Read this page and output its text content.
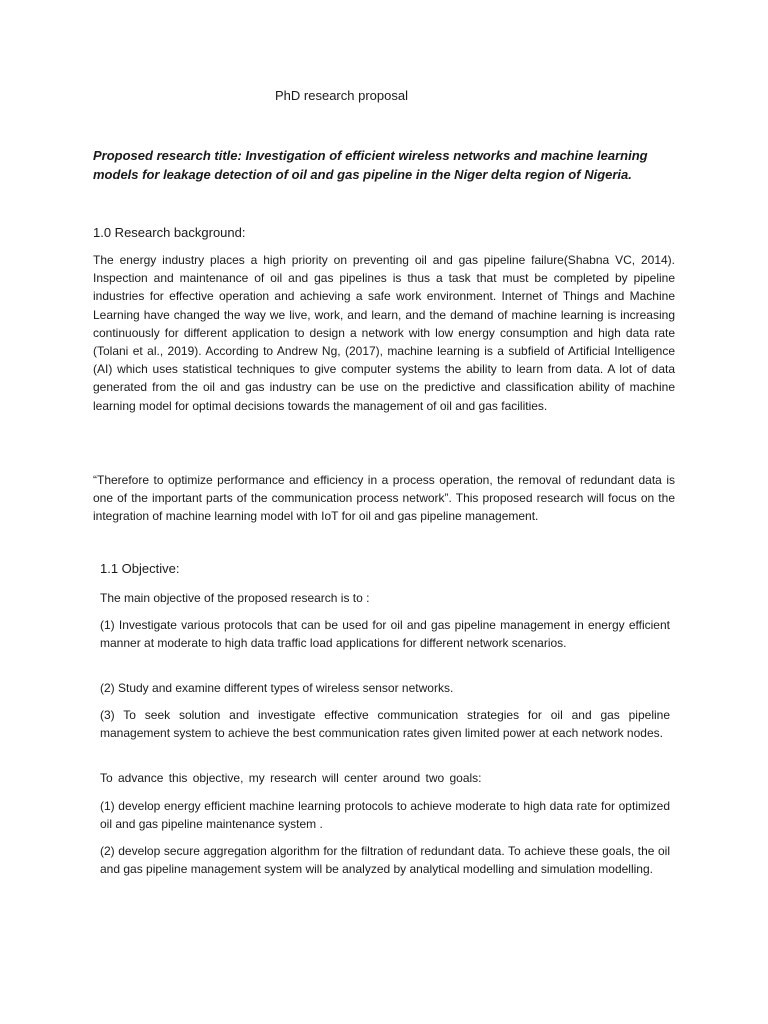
PhD research proposal

Proposed research title: Investigation of efficient wireless networks and machine learning models for leakage detection of oil and gas pipeline in the Niger delta region of Nigeria.

1.0 Research background:

The energy industry places a high priority on preventing oil and gas pipeline failure(Shabna VC, 2014). Inspection and maintenance of oil and gas pipelines is thus a task that must be completed by pipeline industries for effective operation and achieving a safe work environment. Internet of Things and Machine Learning have changed the way we live, work, and learn, and the demand of machine learning is increasing continuously for different application to design a network with low energy consumption and high data rate (Tolani et al., 2019). According to Andrew Ng, (2017), machine learning is a subfield of Artificial Intelligence (AI) which uses statistical techniques to give computer systems the ability to learn from data. A lot of data generated from the oil and gas industry can be use on the predictive and classification ability of machine learning model for optimal decisions towards the management of oil and gas facilities.

“Therefore to optimize performance and efficiency in a process operation, the removal of redundant data is one of the important parts of the communication process network”. This proposed research will focus on the integration of machine learning model with IoT for oil and gas pipeline management.

1.1 Objective:

The main objective of the proposed research is to :

(1) Investigate various protocols that can be used for oil and gas pipeline management in energy efficient manner at moderate to high data traffic load applications for different network scenarios.

(2) Study and examine different types of wireless sensor networks.

(3) To seek solution and investigate effective communication strategies for oil and gas pipeline management system to achieve the best communication rates given limited power at each network nodes.

To advance this objective, my research will center around two goals:

(1) develop energy efficient machine learning protocols to achieve moderate to high data rate for optimized oil and gas pipeline maintenance system .

(2) develop secure aggregation algorithm for the filtration of redundant data. To achieve these goals, the oil and gas pipeline management system will be analyzed by analytical modelling and simulation modelling.
